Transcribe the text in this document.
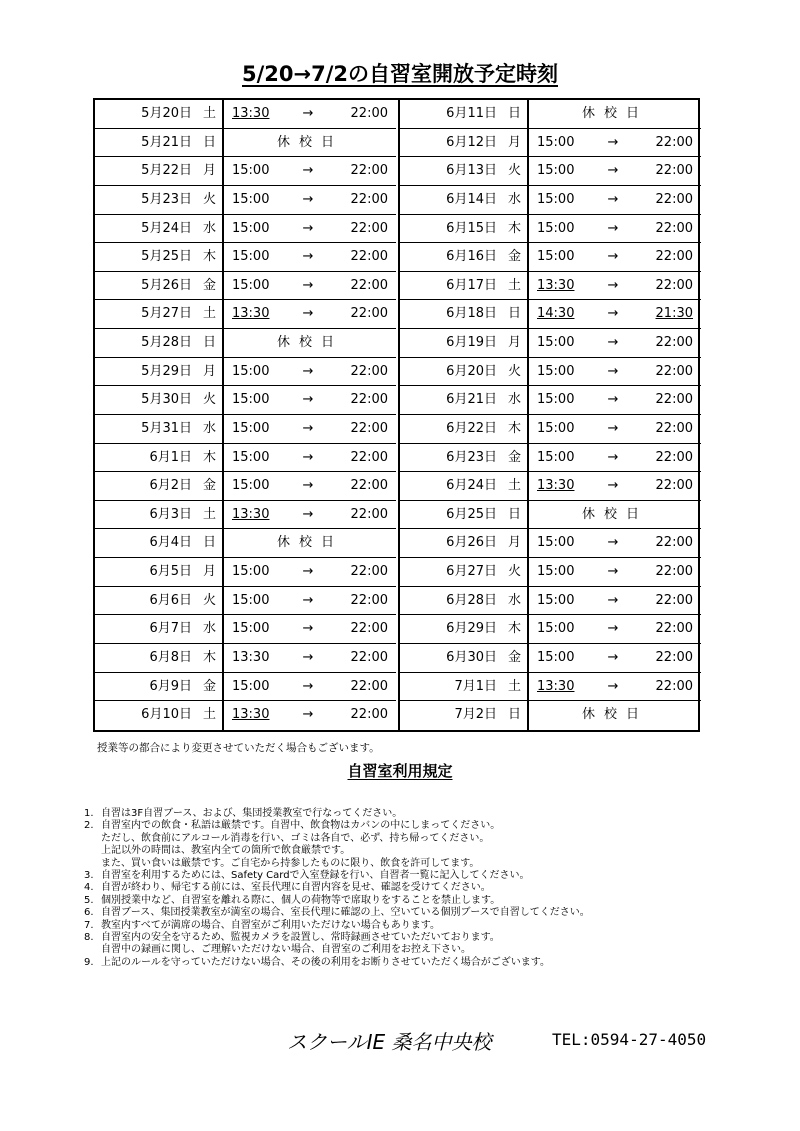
5/20→7/2の自習室開放予定時刻
5月20日 土 13:30	→	22:00
5月21日 日	休校日
5月22日 月 15:00	→	22:00
5月23日 火 15:00	→	22:00
5月24日 水 15:00	→	22:00
5月25日 木 15:00	→	22:00
5月26日 金 15:00	→	22:00
5月27日 土 13:30	→	22:00
5月28日 日	休校日
5月29日 月 15:00	→	22:00
5月30日 火 15:00	→	22:00
5月31日 水 15:00	→	22:00
6月1日 木 15:00	→	22:00
6月2日 金 15:00	→	22:00
6月3日 土 13:30	→	22:00
6月4日 日	休校日
6月5日 月 15:00	→	22:00
6月6日 火 15:00	→	22:00
6月7日 水 15:00	→	22:00
6月8日 木 13:30	→	22:00
6月9日 金 15:00	→	22:00
6月10日 土 13:30	→	22:00
6月11日 日	休校日
6月12日 月 15:00	→	22:00
6月13日 火 15:00	→	22:00
6月14日 水 15:00	→	22:00
6月15日 木 15:00	→	22:00
6月16日 金 15:00	→	22:00
6月17日 土 13:30	→	22:00
6月18日 日 14:30	→	21:30
6月19日 月 15:00	→	22:00
6月20日 火 15:00	→	22:00
6月21日 水 15:00	→	22:00
6月22日 木 15:00	→	22:00
6月23日 金 15:00	→	22:00
6月24日 土 13:30	→	22:00
6月25日 日	休校日
6月26日 月 15:00	→	22:00
6月27日 火 15:00	→	22:00
6月28日 水 15:00	→	22:00
6月29日 木 15:00	→	22:00
6月30日 金 15:00	→	22:00
7月1日 土 13:30	→	22:00
7月2日 日	休校日
授業等の都合により変更させていただく場合もございます。
自習室利用規定
1. 自習は3F自習ブース、および、集団授業教室で行なってください。
2. 自習室内での飲食・私語は厳禁です。自習中、飲食物はカバンの中にしまってください。
ただし、飲食前にアルコール消毒を行い、ゴミは各自で、必ず、持ち帰ってください。
上記以外の時間は、教室内全ての箇所で飲食厳禁です。
また、買い食いは厳禁です。ご自宅から持参したものに限り、飲食を許可してます。
3. 自習室を利用するためには、Safety Cardで入室登録を行い、自習者一覧に記入してください。
4. 自習が終わり、帰宅する前には、室長代理に自習内容を見せ、確認を受けてください。
5. 個別授業中など、自習室を離れる際に、個人の荷物等で席取りをすることを禁止します。
6. 自習ブース、集団授業教室が満室の場合、室長代理に確認の上、空いている個別ブースで自習してください。
7. 教室内すべてが満席の場合、自習室がご利用いただけない場合もあります。
8. 自習室内の安全を守るため、監視カメラを設置し、常時録画させていただいております。
自習中の録画に関し、ご理解いただけない場合、自習室のご利用をお控え下さい。
9. 上記のルールを守っていただけない場合、その後の利用をお断りさせていただく場合がございます。
スクールIE 桑名中央校	TEL:0594-27-4050
